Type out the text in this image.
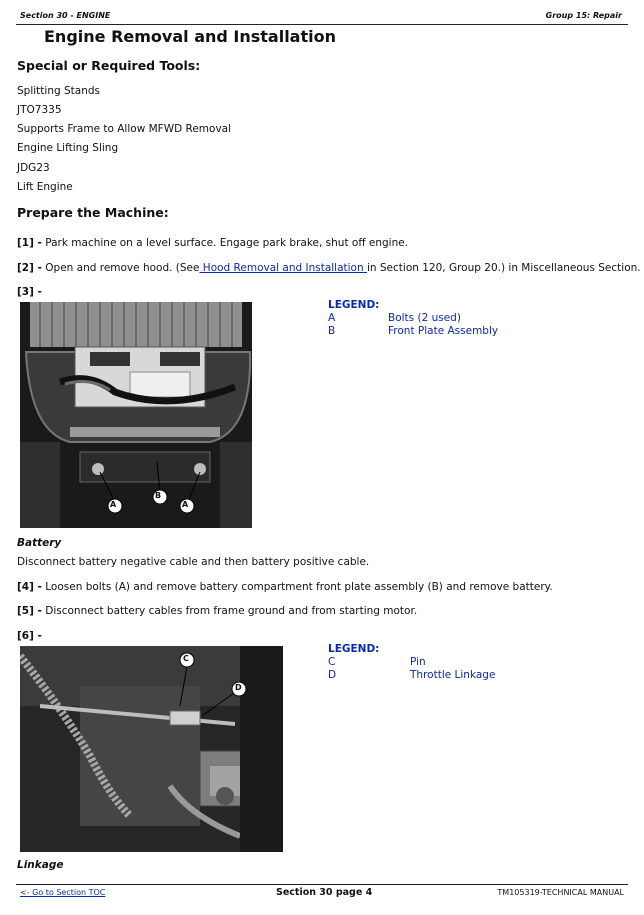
Section 30 - ENGINE	Group 15: Repair
Engine Removal and Installation
Special or Required Tools:
Splitting Stands
JTO7335
Supports Frame to Allow MFWD Removal
Engine Lifting Sling
JDG23
Lift Engine
Prepare the Machine:
[1] - Park machine on a level surface. Engage park brake, shut off engine.
[2] - Open and remove hood. (See Hood Removal and Installation in Section 120, Group 20.) in Miscellaneous Section.
[3] -
A
B
A
LEGEND:
A	Bolts (2 used)
B	Front Plate Assembly
Battery
Disconnect battery negative cable and then battery positive cable.
[4] - Loosen bolts (A) and remove battery compartment front plate assembly (B) and remove battery.
[5] - Disconnect battery cables from frame ground and from starting motor.
[6] -
C
D
LEGEND:
C	Pin
D	Throttle Linkage
Linkage
<- Go to Section TOC	Section 30 page 4	TM105319-TECHNICAL MANUAL
